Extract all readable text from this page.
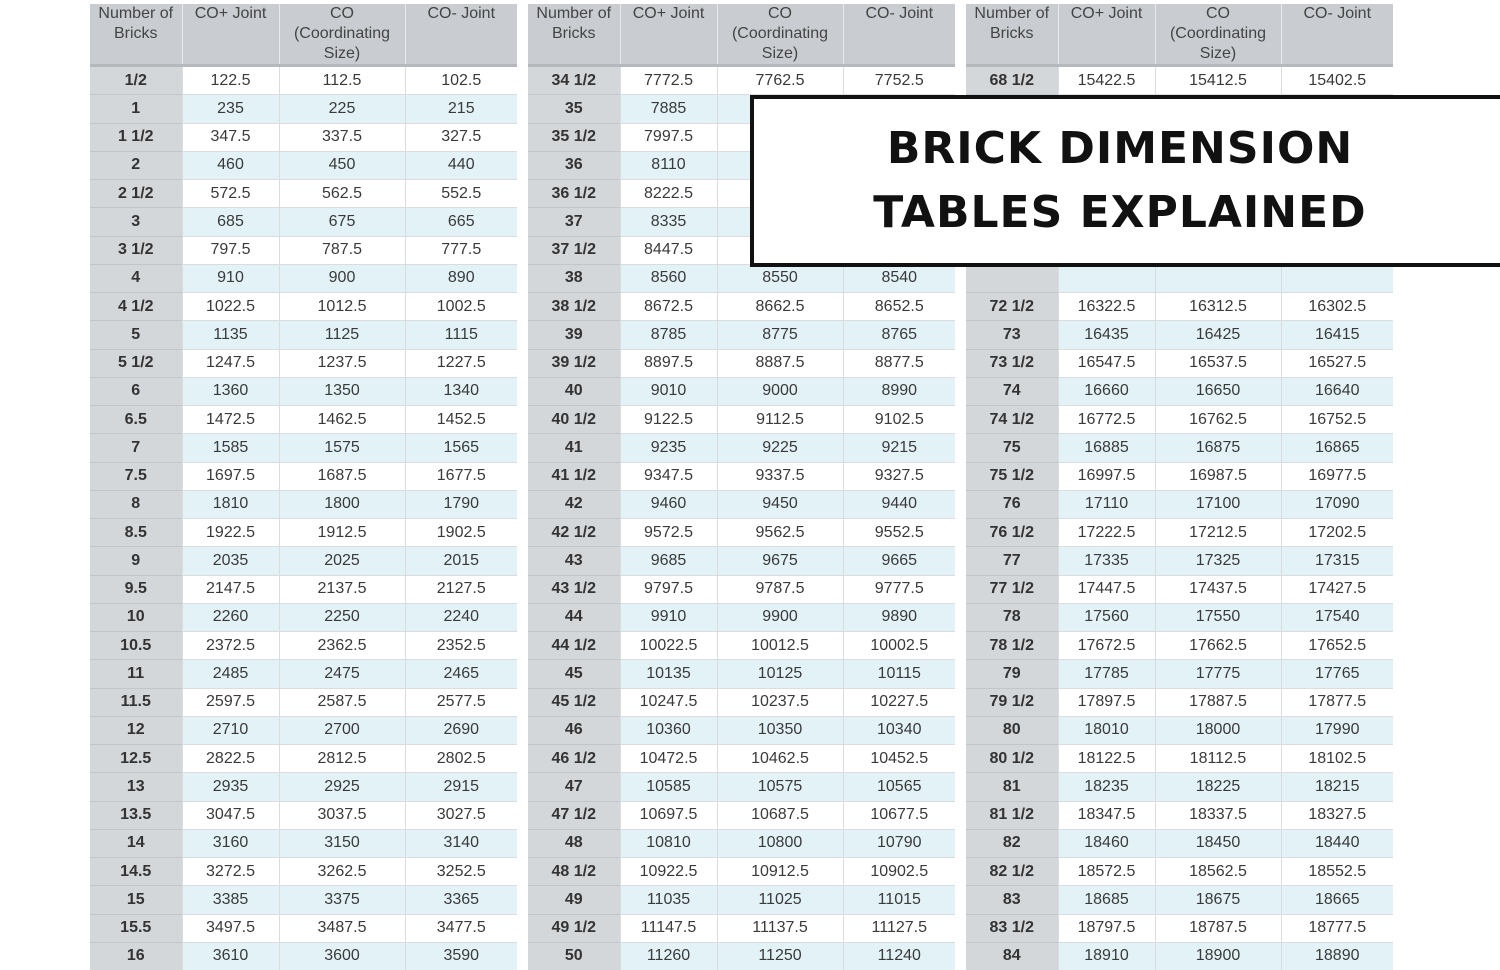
Number of Bricks	CO+ Joint	CO (Coordinating Size)	CO- Joint
1/2	122.5	112.5	102.5
1	235	225	215
1 1/2	347.5	337.5	327.5
2	460	450	440
2 1/2	572.5	562.5	552.5
3	685	675	665
3 1/2	797.5	787.5	777.5
4	910	900	890
4 1/2	1022.5	1012.5	1002.5
5	1135	1125	1115
5 1/2	1247.5	1237.5	1227.5
6	1360	1350	1340
6.5	1472.5	1462.5	1452.5
7	1585	1575	1565
7.5	1697.5	1687.5	1677.5
8	1810	1800	1790
8.5	1922.5	1912.5	1902.5
9	2035	2025	2015
9.5	2147.5	2137.5	2127.5
10	2260	2250	2240
10.5	2372.5	2362.5	2352.5
11	2485	2475	2465
11.5	2597.5	2587.5	2577.5
12	2710	2700	2690
12.5	2822.5	2812.5	2802.5
13	2935	2925	2915
13.5	3047.5	3037.5	3027.5
14	3160	3150	3140
14.5	3272.5	3262.5	3252.5
15	3385	3375	3365
15.5	3497.5	3487.5	3477.5
16	3610	3600	3590
Number of Bricks	CO+ Joint	CO (Coordinating Size)	CO- Joint
34 1/2	7772.5	7762.5	7752.5
35	7885		
35 1/2	7997.5		
36	8110		
36 1/2	8222.5		
37	8335		
37 1/2	8447.5		
38	8560	8550	8540
38 1/2	8672.5	8662.5	8652.5
39	8785	8775	8765
39 1/2	8897.5	8887.5	8877.5
40	9010	9000	8990
40 1/2	9122.5	9112.5	9102.5
41	9235	9225	9215
41 1/2	9347.5	9337.5	9327.5
42	9460	9450	9440
42 1/2	9572.5	9562.5	9552.5
43	9685	9675	9665
43 1/2	9797.5	9787.5	9777.5
44	9910	9900	9890
44 1/2	10022.5	10012.5	10002.5
45	10135	10125	10115
45 1/2	10247.5	10237.5	10227.5
46	10360	10350	10340
46 1/2	10472.5	10462.5	10452.5
47	10585	10575	10565
47 1/2	10697.5	10687.5	10677.5
48	10810	10800	10790
48 1/2	10922.5	10912.5	10902.5
49	11035	11025	11015
49 1/2	11147.5	11137.5	11127.5
50	11260	11250	11240
Number of Bricks	CO+ Joint	CO (Coordinating Size)	CO- Joint
68 1/2	15422.5	15412.5	15402.5

72 1/2	16322.5	16312.5	16302.5
73	16435	16425	16415
73 1/2	16547.5	16537.5	16527.5
74	16660	16650	16640
74 1/2	16772.5	16762.5	16752.5
75	16885	16875	16865
75 1/2	16997.5	16987.5	16977.5
76	17110	17100	17090
76 1/2	17222.5	17212.5	17202.5
77	17335	17325	17315
77 1/2	17447.5	17437.5	17427.5
78	17560	17550	17540
78 1/2	17672.5	17662.5	17652.5
79	17785	17775	17765
79 1/2	17897.5	17887.5	17877.5
80	18010	18000	17990
80 1/2	18122.5	18112.5	18102.5
81	18235	18225	18215
81 1/2	18347.5	18337.5	18327.5
82	18460	18450	18440
82 1/2	18572.5	18562.5	18552.5
83	18685	18675	18665
83 1/2	18797.5	18787.5	18777.5
84	18910	18900	18890
BRICK DIMENSION
TABLES EXPLAINED
